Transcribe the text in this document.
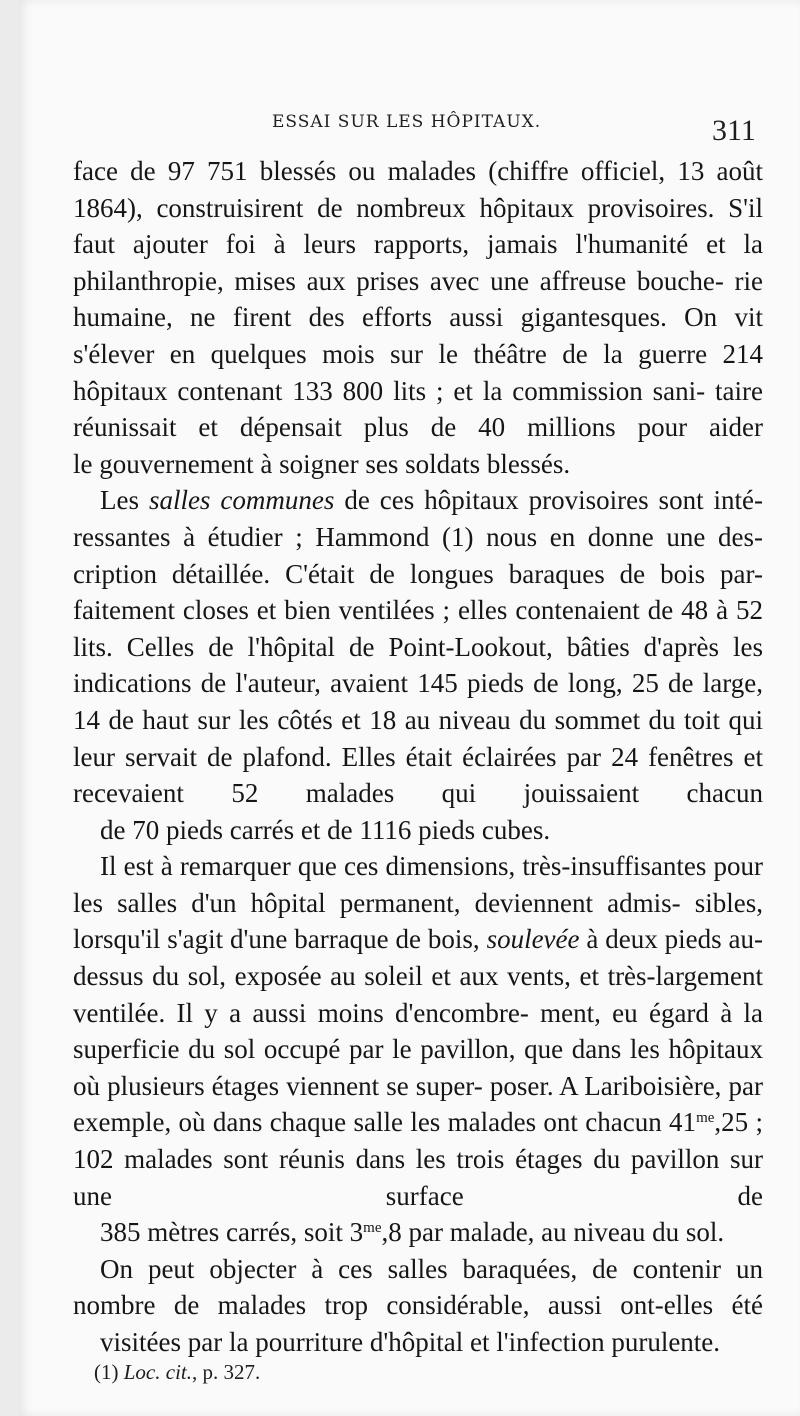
ESSAI SUR LES HÔPITAUX.	311

face de 97 751 blessés ou malades (chiffre officiel, 13 août 1864), construisirent de nombreux hôpitaux provisoires. S'il faut ajouter foi à leurs rapports, jamais l'humanité et la philanthropie, mises aux prises avec une affreuse bouche- rie humaine, ne firent des efforts aussi gigantesques. On vit s'élever en quelques mois sur le théâtre de la guerre 214 hôpitaux contenant 133 800 lits ; et la commission sani- taire réunissait et dépensait plus de 40 millions pour aider
le gouvernement à soigner ses soldats blessés.

Les salles communes de ces hôpitaux provisoires sont inté- ressantes à étudier ; Hammond (1) nous en donne une des- cription détaillée. C'était de longues baraques de bois par- faitement closes et bien ventilées ; elles contenaient de 48 à 52 lits. Celles de l'hôpital de Point-Lookout, bâties d'après les indications de l'auteur, avaient 145 pieds de long, 25 de large, 14 de haut sur les côtés et 18 au niveau du sommet du toit qui leur servait de plafond. Elles était éclairées par 24 fenêtres et recevaient 52 malades qui jouissaient chacun
de 70 pieds carrés et de 1116 pieds cubes.

Il est à remarquer que ces dimensions, très-insuffisantes pour les salles d'un hôpital permanent, deviennent admis- sibles, lorsqu'il s'agit d'une barraque de bois, soulevée à deux pieds au-dessus du sol, exposée au soleil et aux vents, et très-largement ventilée. Il y a aussi moins d'encombre- ment, eu égard à la superficie du sol occupé par le pavillon, que dans les hôpitaux où plusieurs étages viennent se super- poser. A Lariboisière, par exemple, où dans chaque salle les malades ont chacun $41^{me},25$ ; 102 malades sont réunis dans les trois étages du pavillon sur une surface de
385 mètres carrés, soit $3^{me},8$ par malade, au niveau du sol.

On peut objecter à ces salles baraquées, de contenir un nombre de malades trop considérable, aussi ont-elles été
visitées par la pourriture d'hôpital et l'infection purulente.

(1) Loc. cit., p. 327.
